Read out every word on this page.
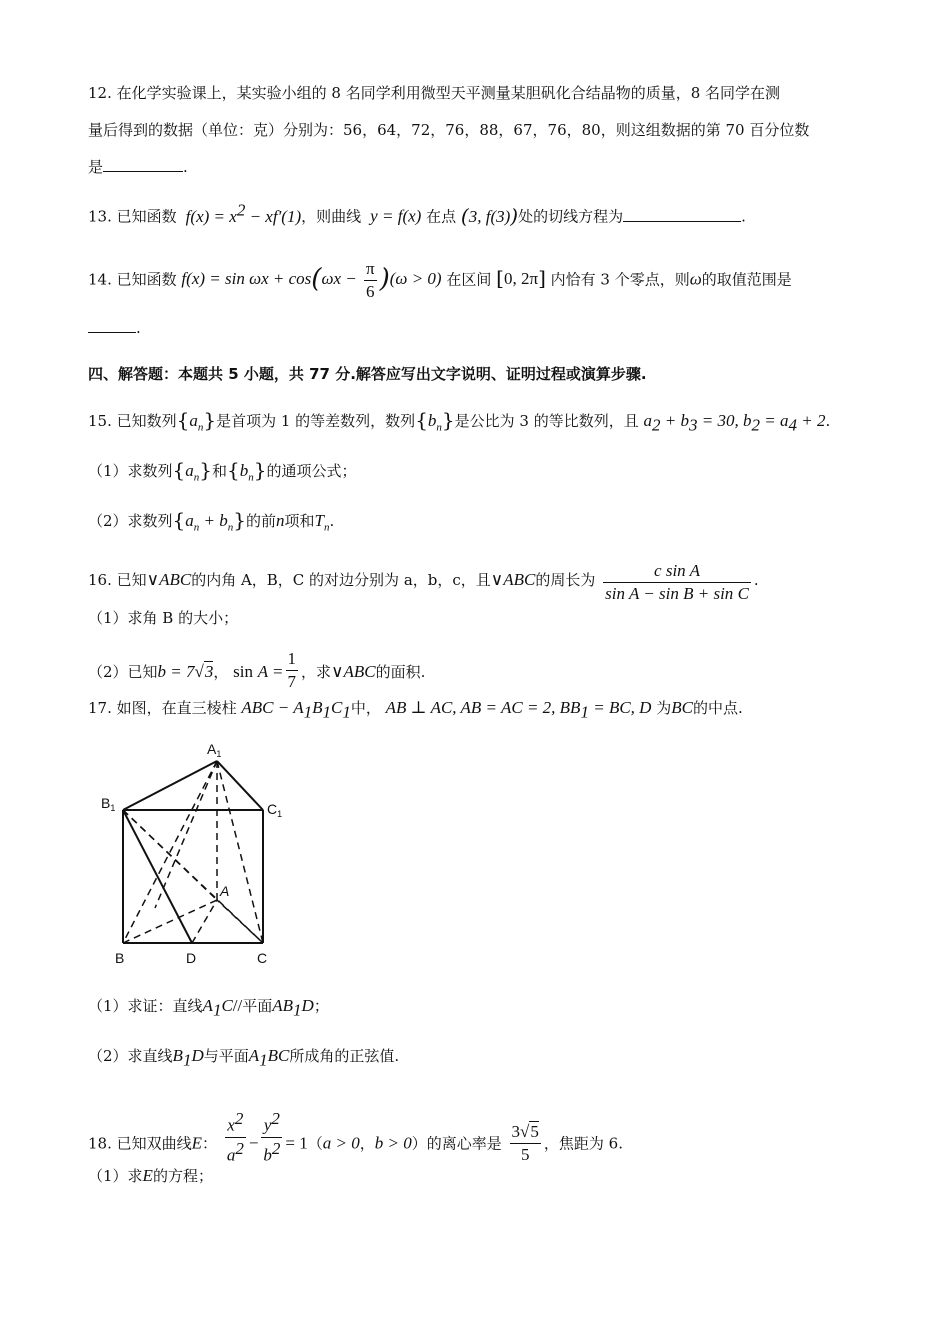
12. 在化学实验课上，某实验小组的 8 名同学利用微型天平测量某胆矾化合结晶物的质量，8 名同学在测
量后得到的数据（单位：克）分别为：56，64，72，76，88，67，76，80，则这组数据的第 70 百分位数
是	.
13. 已知函数  $f(x) = x^2 - xf'(1)$，则曲线  y = f(x) 在点 (3, f(3))处的切线方程为	.
14. 已知函数 $f(x) = \sin \omega x + \cos(\omega x - \frac{\pi}{6} )(\omega > 0)$ 在区间 [0, 2π] 内恰有 3 个零点，则ω的取值范围是
.
四、解答题：本题共 5 小题，共 77 分.解答应写出文字说明、证明过程或演算步骤.
15. 已知数列$\{a_n\}$是首项为 1 的等差数列，数列$\{b_n\}$是公比为 3 的等比数列，且 $a_2 + b_3 = 30$, $b_2 = a_4 + 2$.
（1）求数列$\{a_n\}$和$\{b_n\}$的通项公式；
（2）求数列$\{a_n + b_n\}$的前n项和$T_n$.
16. 已知∨ABC的内角 A，B，C 的对边分别为 a，b，c，且∨ABC的周长为 $\frac{\text{c sin A}}{\text{sin A − sin B + sin C}}$ .
（1）求角 B 的大小；
（2）已知b = 7√3， $\sin A = \frac{1}{7}$ ，求∨ABC的面积.
17. 如图，在直三棱柱 ABC − $A_1B_1C_1$中， AB ⊥ AC, AB = AC = 2, $BB_1$ = BC, D 为BC的中点.
$A_1$
$B_1$	$C_1$
A
B	D	C
（1）求证：直线$A_1C//$平面$AB_1D$；
（2）求直线$B_1D$与平面$A_1BC$所成角的正弦值.
18. 已知双曲线E： $\frac{x^2}{a^2} - \frac{y^2}{b^2} = 1(a > 0$，b > 0）的离心率是 $\frac{3√5}{5}$ ，焦距为 6.
（1）求E的方程；
